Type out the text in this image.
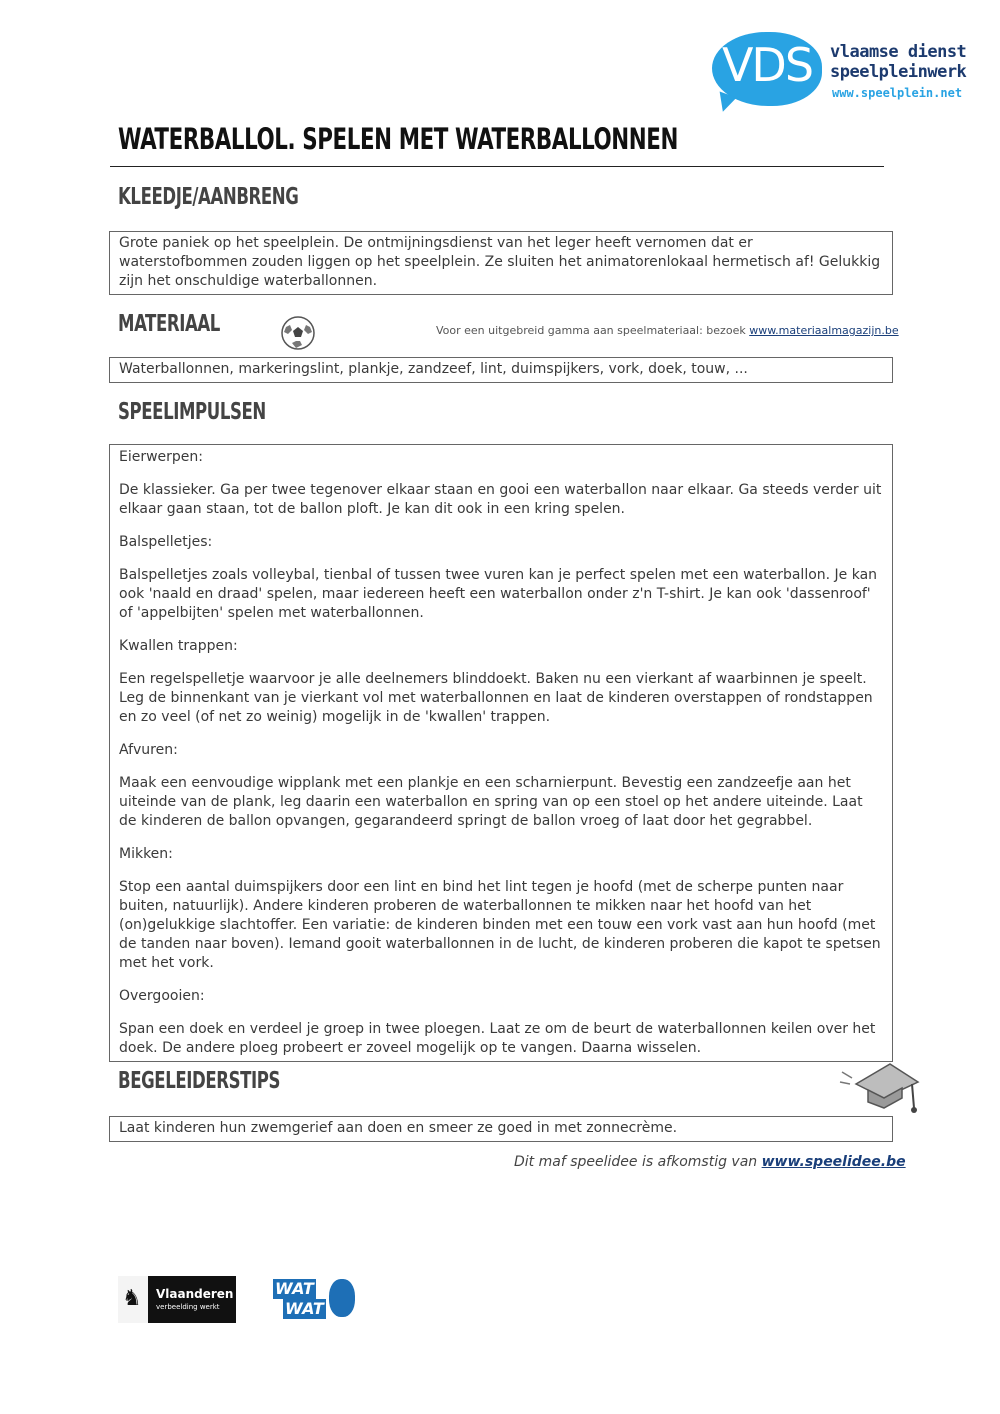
VDS	vlaamse dienst
speelpleinwerk
www.speelplein.net
WATERBALLOL. SPELEN MET WATERBALLONNEN
KLEEDJE/AANBRENG

Grote paniek op het speelplein. De ontmijningsdienst van het leger heeft vernomen dat er waterstofbommen zouden liggen op het speelplein. Ze sluiten het animatorenlokaal hermetisch af! Gelukkig zijn het onschuldige waterballonnen.

MATERIAAL	Voor een uitgebreid gamma aan speelmateriaal: bezoek www.materiaalmagazijn.be

Waterballonnen, markeringslint, plankje, zandzeef, lint, duimspijkers, vork, doek, touw, ...

SPEELIMPULSEN

Eierwerpen:

De klassieker. Ga per twee tegenover elkaar staan en gooi een waterballon naar elkaar. Ga steeds verder uit elkaar gaan staan, tot de ballon ploft. Je kan dit ook in een kring spelen.

Balspelletjes:

Balspelletjes zoals volleybal, tienbal of tussen twee vuren kan je perfect spelen met een waterballon. Je kan ook 'naald en draad' spelen, maar iedereen heeft een waterballon onder z'n T-shirt. Je kan ook 'dassenroof' of 'appelbijten' spelen met waterballonnen.

Kwallen trappen:

Een regelspelletje waarvoor je alle deelnemers blinddoekt. Baken nu een vierkant af waarbinnen je speelt. Leg de binnenkant van je vierkant vol met waterballonnen en laat de kinderen overstappen of rondstappen en zo veel (of net zo weinig) mogelijk in de 'kwallen' trappen.

Afvuren:

Maak een eenvoudige wipplank met een plankje en een scharnierpunt. Bevestig een zandzeefje aan het uiteinde van de plank, leg daarin een waterballon en spring van op een stoel op het andere uiteinde. Laat de kinderen de ballon opvangen, gegarandeerd springt de ballon vroeg of laat door het gegrabbel.

Mikken:

Stop een aantal duimspijkers door een lint en bind het lint tegen je hoofd (met de scherpe punten naar buiten, natuurlijk). Andere kinderen proberen de waterballonnen te mikken naar het hoofd van het (on)gelukkige slachtoffer. Een variatie: de kinderen binden met een touw een vork vast aan hun hoofd (met de tanden naar boven). Iemand gooit waterballonnen in de lucht, de kinderen proberen die kapot te spetsen met het vork.

Overgooien:

Span een doek en verdeel je groep in twee ploegen. Laat ze om de beurt de waterballonnen keilen over het doek. De andere ploeg probeert er zoveel mogelijk op te vangen. Daarna wisselen.

BEGELEIDERSTIPS

Laat kinderen hun zwemgerief aan doen en smeer ze goed in met zonnecrème.

Dit maf speelidee is afkomstig van www.speelidee.be
♞ Vlaanderen
verbeelding werkt
WAT
WAT
